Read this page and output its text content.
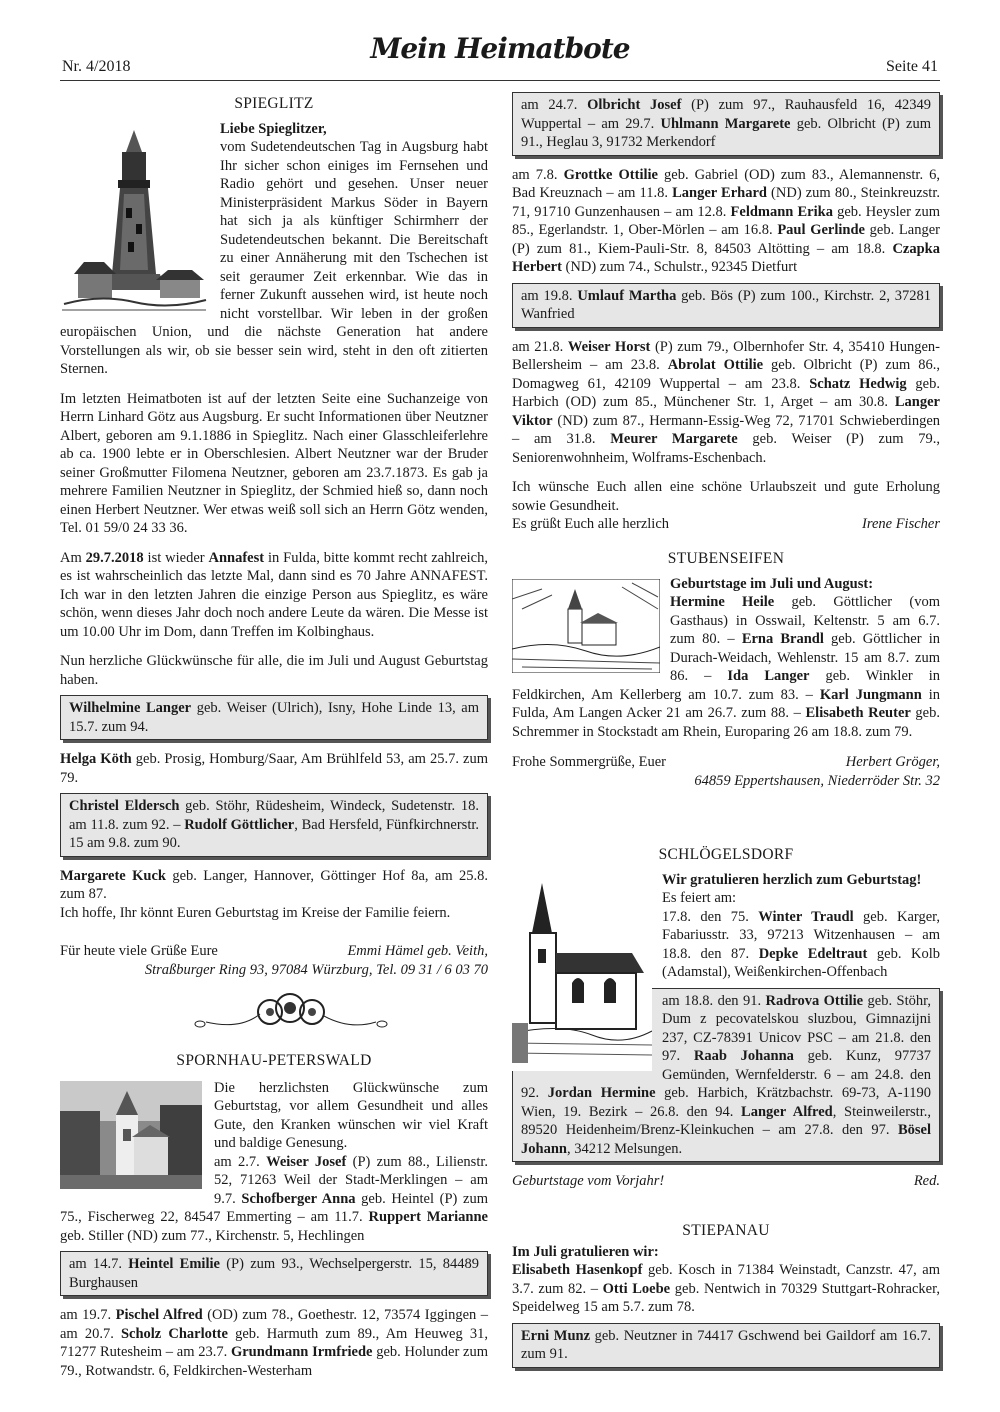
Nr. 4/2018
Mein Heimatbote
Seite 41
SPIEGLITZ

Liebe Spieglitzer,

vom Sudetendeutschen Tag in Augsburg habt Ihr sicher schon einiges im Fernsehen und Radio gehört und gesehen. Unser neuer Ministerpräsident Markus Söder in Bayern hat sich ja als künftiger Schirmherr der Sudetendeutschen bekannt. Die Bereitschaft zu einer Annäherung mit den Tschechen ist seit geraumer Zeit erkennbar. Wie das in ferner Zukunft aussehen wird, ist heute noch nicht vorstellbar. Wir leben in der großen europäischen Union, und die nächste Generation hat andere Vorstellungen als wir, ob sie besser sein wird, steht in den oft zitierten Sternen.

Im letzten Heimatboten ist auf der letzten Seite eine Suchanzeige von Herrn Linhard Götz aus Augsburg. Er sucht Informationen über Neutzner Albert, geboren am 9.1.1886 in Spieglitz. Nach einer Glasschleiferlehre ab ca. 1900 lebte er in Oberschlesien. Albert Neutzner war der Bruder seiner Großmutter Filomena Neutzner, geboren am 23.7.1873. Es gab ja mehrere Familien Neutzner in Spieglitz, der Schmied hieß so, dann noch einen Herbert Neutzner. Wer etwas weiß soll sich an Herrn Götz wenden, Tel. 01 59/0 24 33 36.

Am 29.7.2018 ist wieder Annafest in Fulda, bitte kommt recht zahlreich, es ist wahrscheinlich das letzte Mal, dann sind es 70 Jahre ANNAFEST. Ich war in den letzten Jahren die einzige Person aus Spieglitz, es wäre schön, wenn dieses Jahr doch noch andere Leute da wären. Die Messe ist um 10.00 Uhr im Dom, dann Treffen im Kolbinghaus.

Nun herzliche Glückwünsche für alle, die im Juli und August Geburtstag haben.

Wilhelmine Langer geb. Weiser (Ulrich), Isny, Hohe Linde 13, am 15.7. zum 94.

Helga Köth geb. Prosig, Homburg/Saar, Am Brühlfeld 53, am 25.7. zum 79.

Christel Eldersch geb. Stöhr, Rüdesheim, Windeck, Sudetenstr. 18. am 11.8. zum 92. – Rudolf Göttlicher, Bad Hersfeld, Fünfkirchnerstr. 15 am 9.8. zum 90.

Margarete Kuck geb. Langer, Hannover, Göttinger Hof 8a, am 25.8. zum 87.

Ich hoffe, Ihr könnt Euren Geburtstag im Kreise der Familie feiern.

Für heute viele Grüße Eure	Emmi Hämel geb. Veith,
Straßburger Ring 93, 97084 Würzburg, Tel. 09 31 / 6 03 70
SPORNHAU-PETERSWALD

Die herzlichsten Glückwünsche zum Geburtstag, vor allem Gesundheit und alles Gute, den Kranken wünschen wir viel Kraft und baldige Genesung.

am 2.7. Weiser Josef (P) zum 88., Lilienstr. 52, 71263 Weil der Stadt-Merklingen – am 9.7. Schofberger Anna geb. Heintel (P) zum 75., Fischerweg 22, 84547 Emmerting – am 11.7. Ruppert Marianne geb. Stiller (ND) zum 77., Kirchenstr. 5, Hechlingen

am 14.7. Heintel Emilie (P) zum 93., Wechselpergerstr. 15, 84489 Burghausen

am 19.7. Pischel Alfred (OD) zum 78., Goethestr. 12, 73574 Iggingen – am 20.7. Scholz Charlotte geb. Harmuth zum 89., Am Heuweg 31, 71277 Rutesheim – am 23.7. Grundmann Irmfriede geb. Holunder zum 79., Rotwandstr. 6, Feldkirchen-Westerham

am 24.7. Olbricht Josef (P) zum 97., Rauhausfeld 16, 42349 Wuppertal – am 29.7. Uhlmann Margarete geb. Olbricht (P) zum 91., Heglau 3, 91732 Merkendorf

am 7.8. Grottke Ottilie geb. Gabriel (OD) zum 83., Alemannenstr. 6, Bad Kreuznach – am 11.8. Langer Erhard (ND) zum 80., Steinkreuzstr. 71, 91710 Gunzenhausen – am 12.8. Feldmann Erika geb. Heysler zum 85., Egerlandstr. 1, Ober-Mörlen – am 16.8. Paul Gerlinde geb. Langer (P) zum 81., Kiem-Pauli-Str. 8, 84503 Altötting – am 18.8. Czapka Herbert (ND) zum 74., Schulstr., 92345 Dietfurt

am 19.8. Umlauf Martha geb. Bös (P) zum 100., Kirchstr. 2, 37281 Wanfried

am 21.8. Weiser Horst (P) zum 79., Olbernhofer Str. 4, 35410 Hungen-Bellersheim – am 23.8. Abrolat Ottilie geb. Olbricht (P) zum 86., Domagweg 61, 42109 Wuppertal – am 23.8. Schatz Hedwig geb. Harbich (OD) zum 85., Münchener Str. 1, Arget – am 30.8. Langer Viktor (ND) zum 87., Hermann-Essig-Weg 72, 71701 Schwieberdingen – am 31.8. Meurer Margarete geb. Weiser (P) zum 79., Seniorenwohnheim, Wolframs-Eschenbach.

Ich wünsche Euch allen eine schöne Urlaubszeit und gute Erholung sowie Gesundheit.

Es grüßt Euch alle herzlich	Irene Fischer
STUBENSEIFEN

Geburtstage im Juli und August:

Hermine Heile geb. Göttlicher (vom Gasthaus) in Osswail, Keltenstr. 5 am 6.7. zum 80. – Erna Brandl geb. Göttlicher in Durach-Weidach, Wehlenstr. 15 am 8.7. zum 86. – Ida Langer geb. Winkler in Feldkirchen, Am Kellerberg am 10.7. zum 83. – Karl Jungmann in Fulda, Am Langen Acker 21 am 26.7. zum 88. – Elisabeth Reuter geb. Schremmer in Stockstadt am Rhein, Europaring 26 am 18.8. zum 79.

Frohe Sommergrüße, Euer	Herbert Gröger,
64859 Eppertshausen, Niederröder Str. 32
SCHLÖGELSDORF

Wir gratulieren herzlich zum Geburtstag!

Es feiert am:

17.8. den 75. Winter Traudl geb. Karger, Fabariusstr. 33, 97213 Witzenhausen – am 18.8. den 87. Depke Edeltraut geb. Kolb (Adamstal), Weißenkirchen-Offenbach

am 18.8. den 91. Radrova Ottilie geb. Stöhr, Dum z pecovatelskou sluzbou, Gimnazijni 237, CZ-78391 Unicov PSC – am 21.8. den 97. Raab Johanna geb. Kunz, 97737 Gemünden, Wernfelderstr. 6 – am 24.8. den 92. Jordan Hermine geb. Harbich, Krätzbachstr. 69-73, A-1190 Wien, 19. Bezirk – 26.8. den 94. Langer Alfred, Steinweilerstr., 89520 Heidenheim/Brenz-Kleinkuchen – am 27.8. den 97. Bösel Johann, 34212 Melsungen.
Geburtstage vom Vorjahr!	Red.
STIEPANAU

Im Juli gratulieren wir:

Elisabeth Hasenkopf geb. Kosch in 71384 Weinstadt, Canzstr. 47, am 3.7. zum 82. – Otti Loebe geb. Nentwich in 70329 Stuttgart-Rohracker, Speidelweg 15 am 5.7. zum 78.

Erni Munz geb. Neutzner in 74417 Gschwend bei Gaildorf am 16.7. zum 91.
